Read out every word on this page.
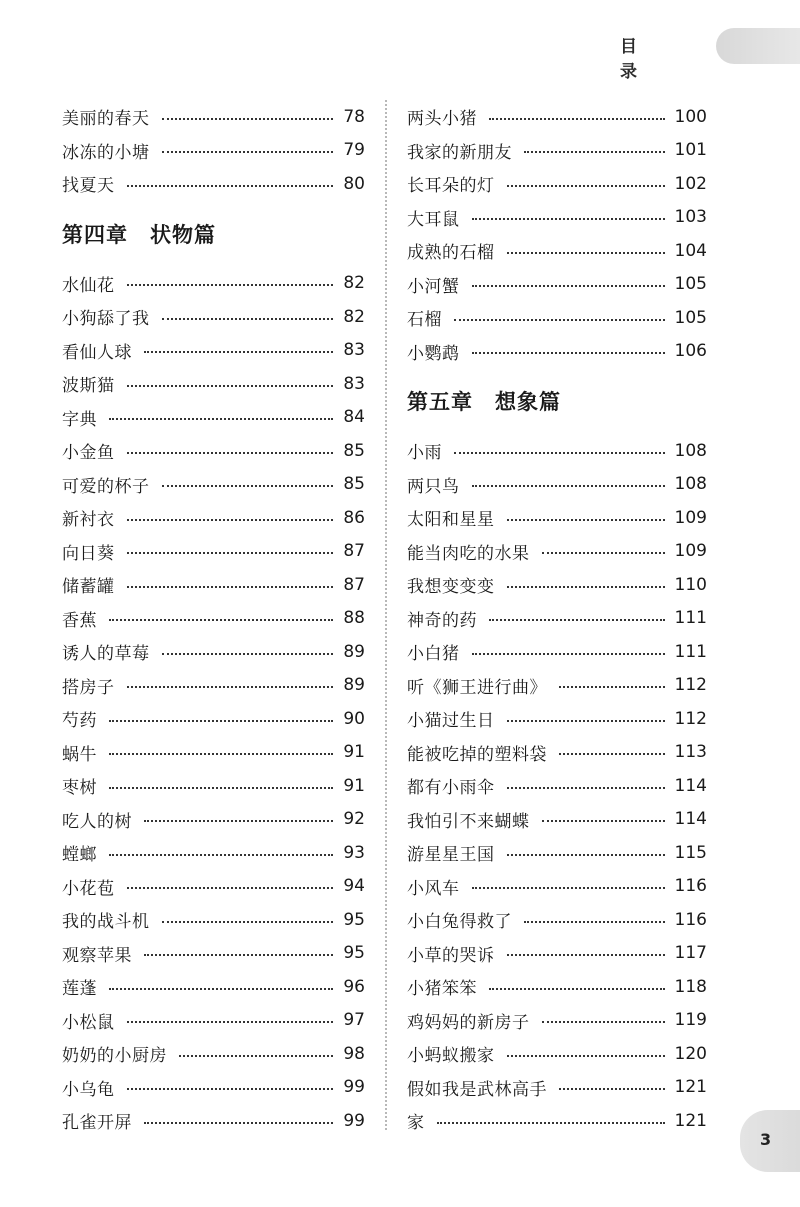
目 录
美丽的春天	78
冰冻的小塘	79
找夏天	80
第四章　状物篇
水仙花	82
小狗舔了我	82
看仙人球	83
波斯猫	83
字典	84
小金鱼	85
可爱的杯子	85
新衬衣	86
向日葵	87
储蓄罐	87
香蕉	88
诱人的草莓	89
搭房子	89
芍药	90
蜗牛	91
枣树	91
吃人的树	92
螳螂	93
小花苞	94
我的战斗机	95
观察苹果	95
莲蓬	96
小松鼠	97
奶奶的小厨房	98
小乌龟	99
孔雀开屏	99
两头小猪	100
我家的新朋友	101
长耳朵的灯	102
大耳鼠	103
成熟的石榴	104
小河蟹	105
石榴	105
小鹦鹉	106
第五章　想象篇
小雨	108
两只鸟	108
太阳和星星	109
能当肉吃的水果	109
我想变变变	110
神奇的药	111
小白猪	111
听《狮王进行曲》	112
小猫过生日	112
能被吃掉的塑料袋	113
都有小雨伞	114
我怕引不来蝴蝶	114
游星星王国	115
小风车	116
小白兔得救了	116
小草的哭诉	117
小猪笨笨	118
鸡妈妈的新房子	119
小蚂蚁搬家	120
假如我是武林高手	121
家	121
3
